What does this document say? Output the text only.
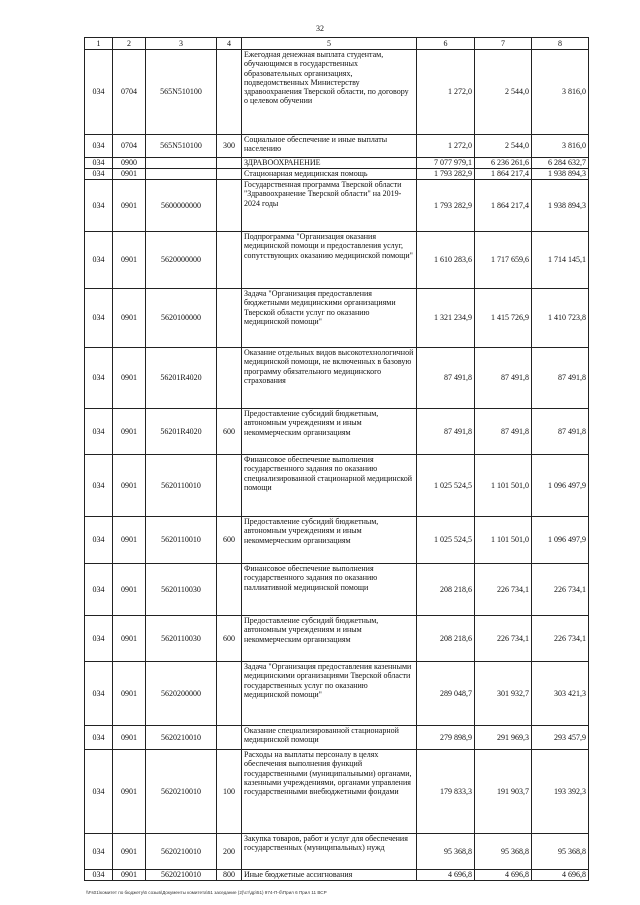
32
1	2	3	4	5	6	7	8
034	0704	565N510100		Ежегодная денежная выплата студентам, обучающимся в государственных образовательных организациях, подведомственных Министерству здравоохранения Тверской области, по договору о целевом обучении	1 272,0	2 544,0	3 816,0
034	0704	565N510100	300	Социальное обеспечение и иные выплаты населению	1 272,0	2 544,0	3 816,0
034	0900			ЗДРАВООХРАНЕНИЕ	7 077 979,1	6 236 261,6	6 284 632,7
034	0901			Стационарная медицинская помощь	1 793 282,9	1 864 217,4	1 938 894,3
034	0901	5600000000		Государственная программа Тверской области "Здравоохранение Тверской области" на 2019-2024 годы	1 793 282,9	1 864 217,4	1 938 894,3
034	0901	5620000000		Подпрограмма "Организация оказания медицинской помощи и предоставления услуг, сопутствующих оказанию медицинской помощи"	1 610 283,6	1 717 659,6	1 714 145,1
034	0901	5620100000		Задача "Организация предоставления бюджетными медицинскими организациями Тверской области услуг по оказанию медицинской помощи"	1 321 234,9	1 415 726,9	1 410 723,8
034	0901	56201R4020		Оказание отдельных видов высокотехнологичной медицинской помощи, не включенных в базовую программу обязательного медицинского страхования	87 491,8	87 491,8	87 491,8
034	0901	56201R4020	600	Предоставление субсидий бюджетным, автономным учреждениям и иным некоммерческим организациям	87 491,8	87 491,8	87 491,8
034	0901	5620110010		Финансовое обеспечение выполнения государственного задания по оказанию специализированной стационарной медицинской помощи	1 025 524,5	1 101 501,0	1 096 497,9
034	0901	5620110010	600	Предоставление субсидий бюджетным, автономным учреждениям и иным некоммерческим организациям	1 025 524,5	1 101 501,0	1 096 497,9
034	0901	5620110030		Финансовое обеспечение выполнения государственного задания по оказанию паллиативной медицинской помощи	208 218,6	226 734,1	226 734,1
034	0901	5620110030	600	Предоставление субсидий бюджетным, автономным учреждениям и иным некоммерческим организациям	208 218,6	226 734,1	226 734,1
034	0901	5620200000		Задача "Организация предоставления казенными медицинскими организациями Тверской области государственных услуг по оказанию медицинской помощи"	289 048,7	301 932,7	303 421,3
034	0901	5620210010		Оказание специализированной стационарной медицинской помощи	279 898,9	291 969,3	293 457,9
034	0901	5620210010	100	Расходы на выплаты персоналу в целях обеспечения выполнения функций государственными (муниципальными) органами, казенными учреждениями, органами управления государственными внебюджетными фондами	179 833,3	191 903,7	193 392,3
034	0901	5620210010	200	Закупка товаров, работ и услуг для обеспечения государственных (муниципальных) нужд	95 368,8	95 368,8	95 368,8
034	0901	5620210010	800	Иные бюджетные ассигнования	4 696,8	4 696,8	4 696,8
\\Fs01\комитет по бюджету\6 созыв\Документы комитета\51 заседание (2)\ст\др\51) 974-П-б\Прил 6 Прил 11 ВСР
